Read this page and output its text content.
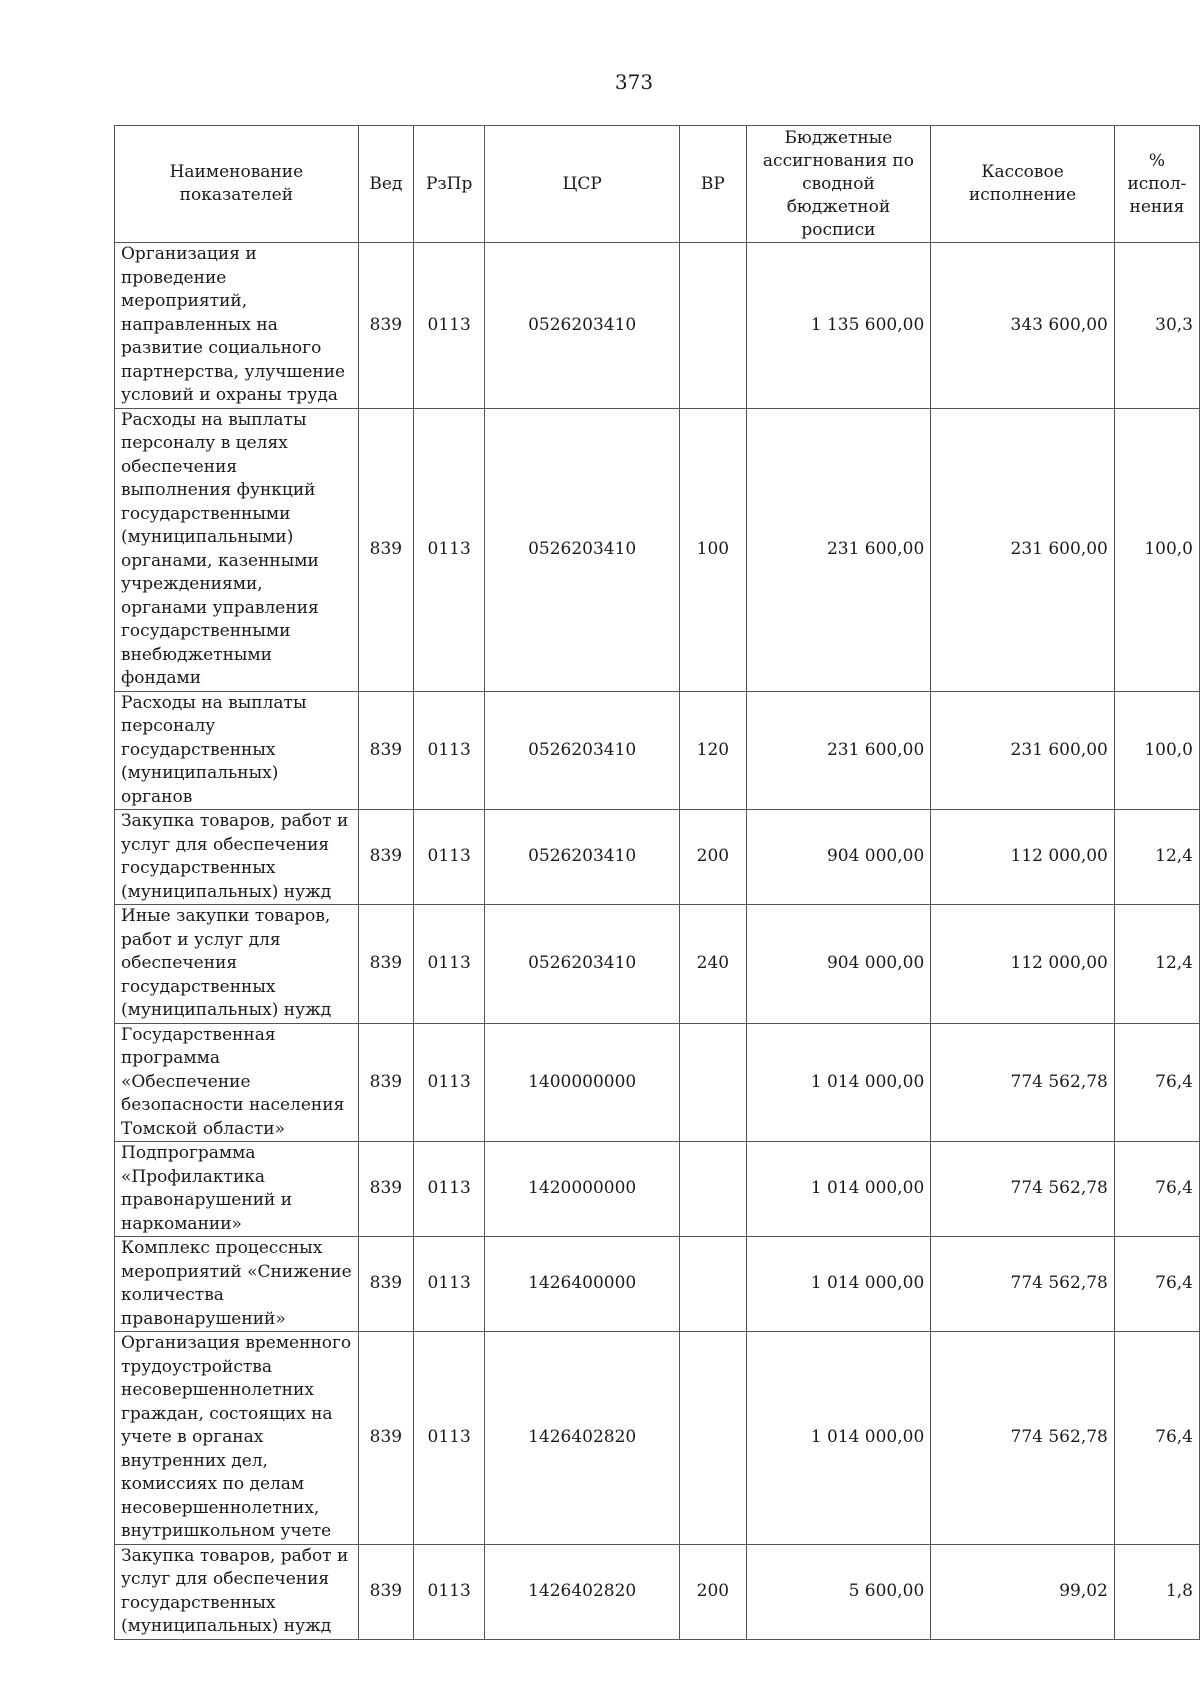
373
Наименование показателей	Вед	РзПр	ЦСР	ВР	Бюджетные ассигнования по сводной бюджетной росписи	Кассовое исполнение	% испол- нения
Организация и проведение мероприятий, направленных на развитие социального партнерства, улучшение условий и охраны труда	839	0113	0526203410		1 135 600,00	343 600,00	30,3
Расходы на выплаты персоналу в целях обеспечения выполнения функций государственными (муниципальными) органами, казенными учреждениями, органами управления государственными внебюджетными фондами	839	0113	0526203410	100	231 600,00	231 600,00	100,0
Расходы на выплаты персоналу государственных (муниципальных) органов	839	0113	0526203410	120	231 600,00	231 600,00	100,0
Закупка товаров, работ и услуг для обеспечения государственных (муниципальных) нужд	839	0113	0526203410	200	904 000,00	112 000,00	12,4
Иные закупки товаров, работ и услуг для обеспечения государственных (муниципальных) нужд	839	0113	0526203410	240	904 000,00	112 000,00	12,4
Государственная программа «Обеспечение безопасности населения Томской области»	839	0113	1400000000		1 014 000,00	774 562,78	76,4
Подпрограмма «Профилактика правонарушений и наркомании»	839	0113	1420000000		1 014 000,00	774 562,78	76,4
Комплекс процессных мероприятий «Снижение количества правонарушений»	839	0113	1426400000		1 014 000,00	774 562,78	76,4
Организация временного трудоустройства несовершеннолетних граждан, состоящих на учете в органах внутренних дел, комиссиях по делам несовершеннолетних, внутришкольном учете	839	0113	1426402820		1 014 000,00	774 562,78	76,4
Закупка товаров, работ и услуг для обеспечения государственных (муниципальных) нужд	839	0113	1426402820	200	5 600,00	99,02	1,8
